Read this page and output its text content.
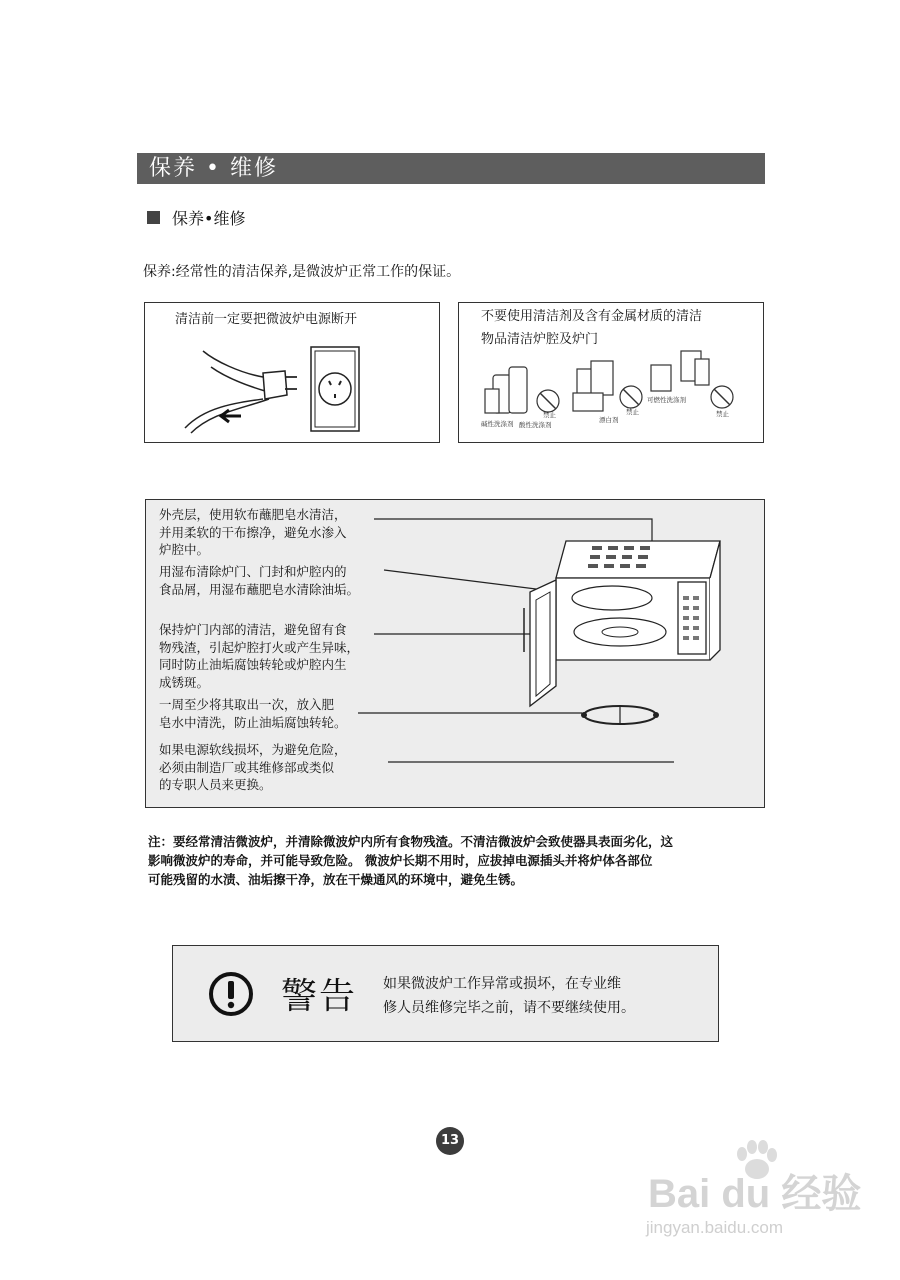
保养 • 维修
保养•维修
保养:经常性的清洁保养,是微波炉正常工作的保证。
清洁前一定要把微波炉电源断开	不要使用清洁剂及含有金属材质的清洁
物品清洁炉腔及炉门
碱性洗涤剂 酸性洗涤剂
禁止
漂白剂
禁止
可燃性洗涤剂
禁止
外壳层，使用软布蘸肥皂水清洁，
并用柔软的干布擦净，避免水渗入
炉腔中。
用湿布清除炉门、门封和炉腔内的
食品屑，用湿布蘸肥皂水清除油垢。
保持炉门内部的清洁，避免留有食
物残渣，引起炉腔打火或产生异味，
同时防止油垢腐蚀转轮或炉腔内生
成锈斑。
一周至少将其取出一次，放入肥
皂水中清洗，防止油垢腐蚀转轮。
如果电源软线损坏，为避免危险，
必须由制造厂或其维修部或类似
的专职人员来更换。
注：要经常清洁微波炉，并清除微波炉内所有食物残渣。不清洁微波炉会致使器具表面劣化，这
影响微波炉的寿命，并可能导致危险。 微波炉长期不用时，应拔掉电源插头并将炉体各部位
可能残留的水渍、油垢擦干净，放在干燥通风的环境中，避免生锈。
警告 如果微波炉工作异常或损坏，在专业维
修人员维修完毕之前，请不要继续使用。
13
Bai du 经验
jingyan.baidu.com
